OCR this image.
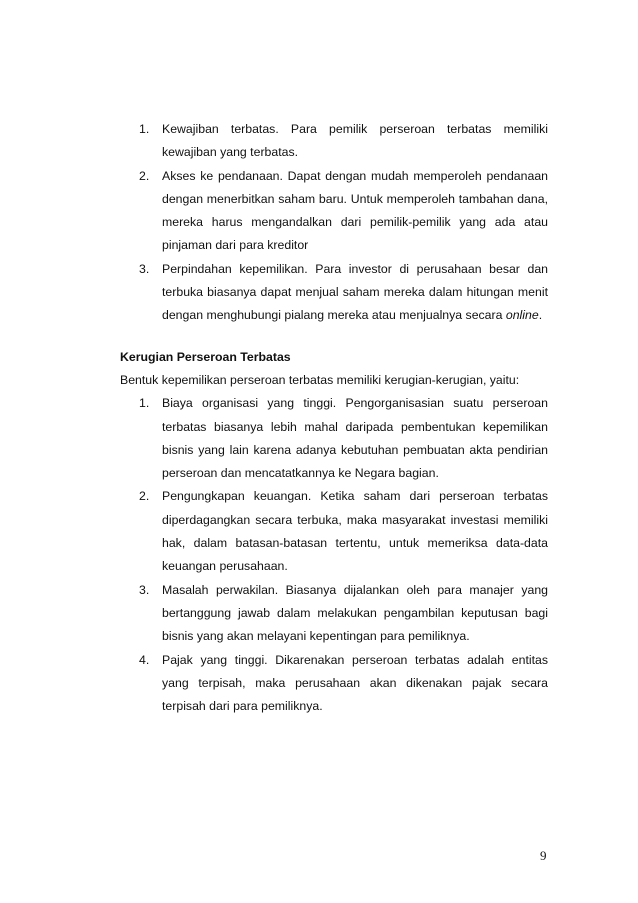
1. Kewajiban terbatas. Para pemilik perseroan terbatas memiliki kewajiban yang terbatas.
2. Akses ke pendanaan. Dapat dengan mudah memperoleh pendanaan dengan menerbitkan saham baru. Untuk memperoleh tambahan dana, mereka harus mengandalkan dari pemilik-pemilik yang ada atau pinjaman dari para kreditor
3. Perpindahan kepemilikan. Para investor di perusahaan besar dan terbuka biasanya dapat menjual saham mereka dalam hitungan menit dengan menghubungi pialang mereka atau menjualnya secara online.
Kerugian Perseroan Terbatas

Bentuk kepemilikan perseroan terbatas memiliki kerugian-kerugian, yaitu:

1. Biaya organisasi yang tinggi. Pengorganisasian suatu perseroan terbatas biasanya lebih mahal daripada pembentukan kepemilikan bisnis yang lain karena adanya kebutuhan pembuatan akta pendirian perseroan dan mencatatkannya ke Negara bagian.
2. Pengungkapan keuangan. Ketika saham dari perseroan terbatas diperdagangkan secara terbuka, maka masyarakat investasi memiliki hak, dalam batasan-batasan tertentu, untuk memeriksa data-data keuangan perusahaan.
3. Masalah perwakilan. Biasanya dijalankan oleh para manajer yang bertanggung jawab dalam melakukan pengambilan keputusan bagi bisnis yang akan melayani kepentingan para pemiliknya.
4. Pajak yang tinggi. Dikarenakan perseroan terbatas adalah entitas yang terpisah, maka perusahaan akan dikenakan pajak secara terpisah dari para pemiliknya.
9
